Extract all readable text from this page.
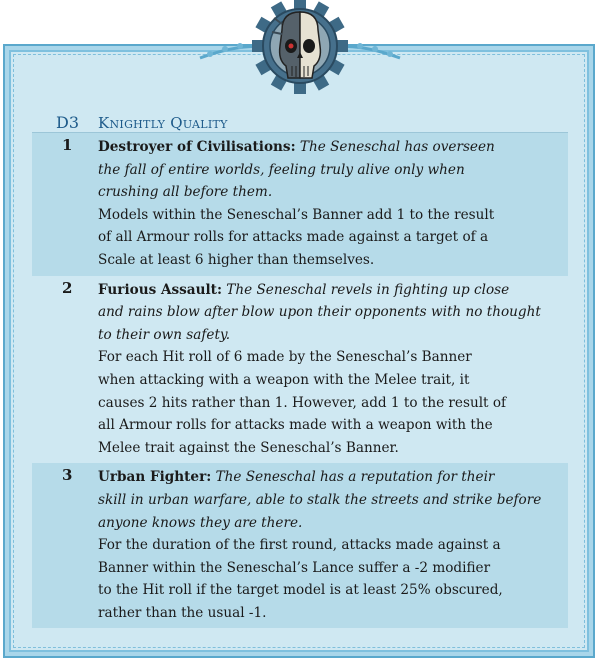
D3	Knightly Quality
1	Destroyer of Civilisations: The Seneschal has overseen
the fall of entire worlds, feeling truly alive only when
crushing all before them.
Models within the Seneschal’s Banner add 1 to the result
of all Armour rolls for attacks made against a target of a
Scale at least 6 higher than themselves.
2	Furious Assault: The Seneschal revels in fighting up close
and rains blow after blow upon their opponents with no thought
to their own safety.
For each Hit roll of 6 made by the Seneschal’s Banner
when attacking with a weapon with the Melee trait, it
causes 2 hits rather than 1. However, add 1 to the result of
all Armour rolls for attacks made with a weapon with the
Melee trait against the Seneschal’s Banner.
3	Urban Fighter: The Seneschal has a reputation for their
skill in urban warfare, able to stalk the streets and strike before
anyone knows they are there.
For the duration of the first round, attacks made against a
Banner within the Seneschal’s Lance suffer a -2 modifier
to the Hit roll if the target model is at least 25% obscured,
rather than the usual -1.
